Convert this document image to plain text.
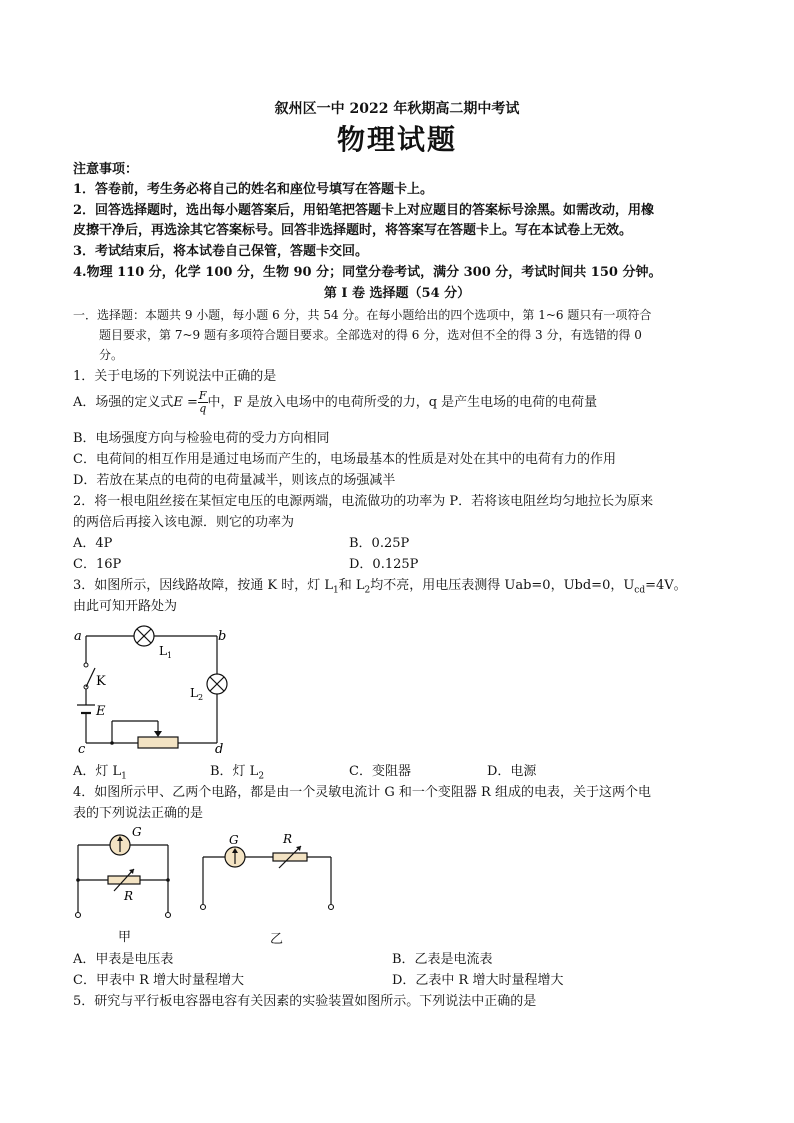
叙州区一中 2022 年秋期高二期中考试
物理试题
注意事项：
1．答卷前，考生务必将自己的姓名和座位号填写在答题卡上。
2．回答选择题时，选出每小题答案后，用铅笔把答题卡上对应题目的答案标号涂黑。如需改动，用橡
皮擦干净后，再选涂其它答案标号。回答非选择题时，将答案写在答题卡上。写在本试卷上无效。
3．考试结束后，将本试卷自己保管，答题卡交回。
4.物理 110 分，化学 100 分，生物 90 分；同堂分卷考试，满分 300 分，考试时间共 150 分钟。
第 I 卷 选择题（54 分）
一．选择题：本题共 9 小题，每小题 6 分，共 54 分。在每小题给出的四个选项中，第 1~6 题只有一项符合
题目要求，第 7~9 题有多项符合题目要求。全部选对的得 6 分，选对但不全的得 3 分，有选错的得 0
分。
1．关于电场的下列说法中正确的是
A．场强的定义式$E = \frac{F}{q}$ 中，F 是放入电场中的电荷所受的力，q 是产生电场的电荷的电荷量
B．电场强度方向与检验电荷的受力方向相同
C．电荷间的相互作用是通过电场而产生的，电场最基本的性质是对处在其中的电荷有力的作用
D．若放在某点的电荷的电荷量减半，则该点的场强减半
2．将一根电阻丝接在某恒定电压的电源两端，电流做功的功率为 P．若将该电阻丝均匀地拉长为原来
的两倍后再接入该电源．则它的功率为
A．4P	B．0.25P
C．16P	D．0.125P
3．如图所示，因线路故障，按通 K 时，灯 $L_1$和 $L_2$均不亮，用电压表测得 Uab=0，Ubd=0，$U_{cd}=4V$。
由此可知开路处为
a	b
c	d
K
E
$L_1$
$L_2$
A．灯 $L_1$	B．灯 $L_2$	C．变阻器	D．电源
4．如图所示甲、乙两个电路，都是由一个灵敏电流计 G 和一个变阻器 R 组成的电表，关于这两个电
表的下列说法正确的是
G
R
G	R
甲	乙
A．甲表是电压表	B．乙表是电流表
C．甲表中 R 增大时量程增大	D．乙表中 R 增大时量程增大
5．研究与平行板电容器电容有关因素的实验装置如图所示。下列说法中正确的是
